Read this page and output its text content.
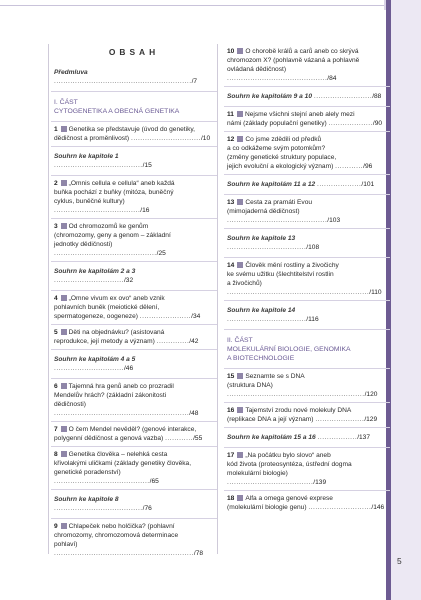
OBSAH
Předmluva .........................................................../7
I. ČÁST
CYTOGENETIKA A OBECNÁ GENETIKA
1 Genetika se představuje (úvod do genetiky,
dědičnost a proměnlivost) ............................../10
Souhrn ke kapitole 1 ....................................../15
2 „Omnis cellula e cellula“ aneb každá
buňka pochází z buňky (mitóza, buněčný
cyklus, buněčné kultury) ...................................../16
3 Od chromozomů ke genům
(chromozomy, geny a genom – základní
jednotky dědičnosti) ............................................/25
Souhrn ke kapitolám 2 a 3 ............................../32
4 „Omne vivum ex ovo“ aneb vznik
pohlavních buněk (meiotické dělení,
spermatogeneze, oogeneze) ....................../34
5 Děti na objednávku? (asistovaná
reprodukce, její metody a význam) ............../42
Souhrn ke kapitolám 4 a 5 ............................../46
6 Tajemná hra genů aneb co prozradil
Mendelův hrách? (základní zákonitosti
dědičnosti) ........................................................../48
7 O čem Mendel nevěděl? (genové interakce,
polygenní dědičnost a genová vazba) ............/55
8 Genetika člověka – nelehká cesta
křivolakými uličkami (základy genetiky člověka,
genetické poradenství) ........................................./65
Souhrn ke kapitole 8 ....................................../76
9 Chlapeček nebo holčička? (pohlavní
chromozomy, chromozomová determinace
pohlaví) ............................................................/78
10 O chorobě králů a carů aneb co skrývá
chromozom X? (pohlavně vázaná a pohlavně
ovládaná dědičnost) .........................................../84
Souhrn ke kapitolám 9 a 10 ........................./88
11 Nejsme všichni stejní aneb alely mezi
námi (základy populační genetiky) .................../90
12 Co jsme zdědili od předků
a co odkážeme svým potomkům?
(změny genetické struktury populace,
jejich evoluční a ekologický význam) ............/96
Souhrn ke kapitolám 11 a 12 .................../101
13 Cesta za pramáti Evou
(mimojaderná dědičnost) .........................................../103
Souhrn ke kapitole 13 ................................../108
14 Člověk mění rostliny a živočichy
ke svému užitku (šlechtitelství rostlin
a živočichů) ............................................................./110
Souhrn ke kapitole 14 ................................../116
II. ČÁST
MOLEKULÁRNÍ BIOLOGIE, GENOMIKA
A BIOTECHNOLOGIE
15 Seznamte se s DNA
(struktura DNA) .........................................................../120
16 Tajemství zrodu nové molekuly DNA
(replikace DNA a její význam) ...................../129
Souhrn ke kapitolám 15 a 16 ................./137
17 „Na počátku bylo slovo“ aneb
kód života (proteosyntéza, ústřední dogma
molekulární biologie) ...................................../139
18 Alfa a omega genové exprese
(molekulární biologie genu) .........................../146
5
